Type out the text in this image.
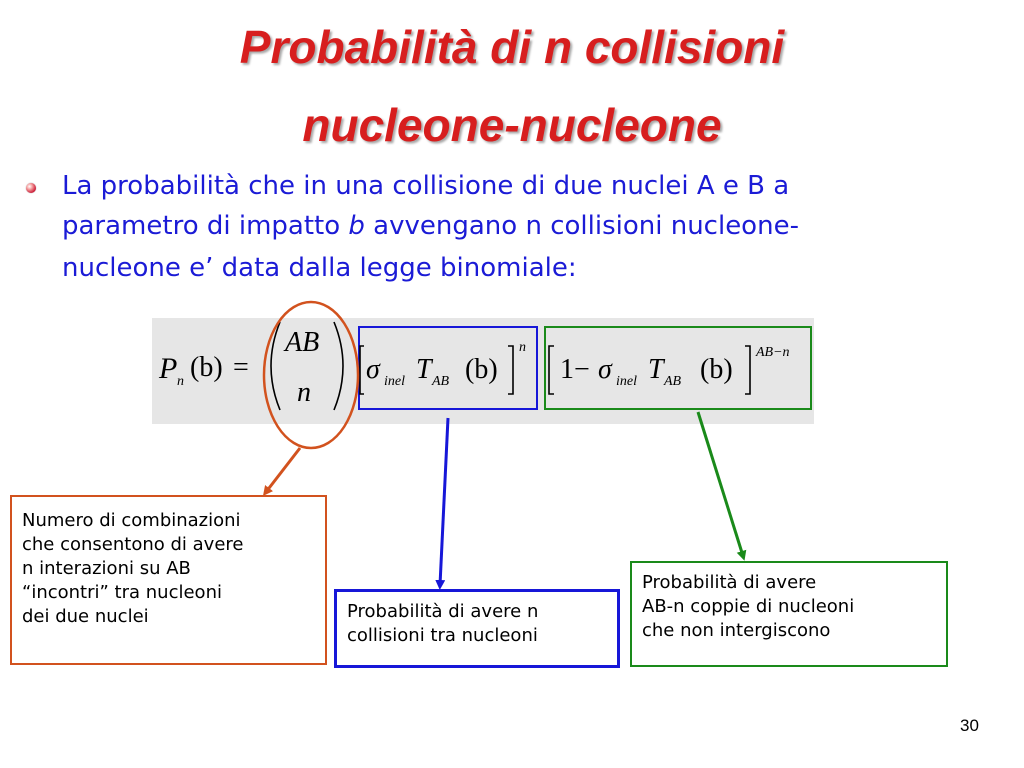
Probabilità di n collisioni
nucleone-nucleone
La probabilità che in una collisione di due nuclei A e B a
parametro di impatto b avvengano n collisioni nucleone-
nucleone e’ data dalla legge binomiale:
P n (b) =
AB
n
σ inel T AB (b)
n
1− σ inel T AB (b)
AB−n
Numero di combinazioni
che consentono di avere
n interazioni su AB
“incontri” tra nucleoni
dei due nuclei	Probabilità di avere n
collisioni tra nucleoni
Probabilità di avere
AB-n coppie di nucleoni
che non intergiscono
30
